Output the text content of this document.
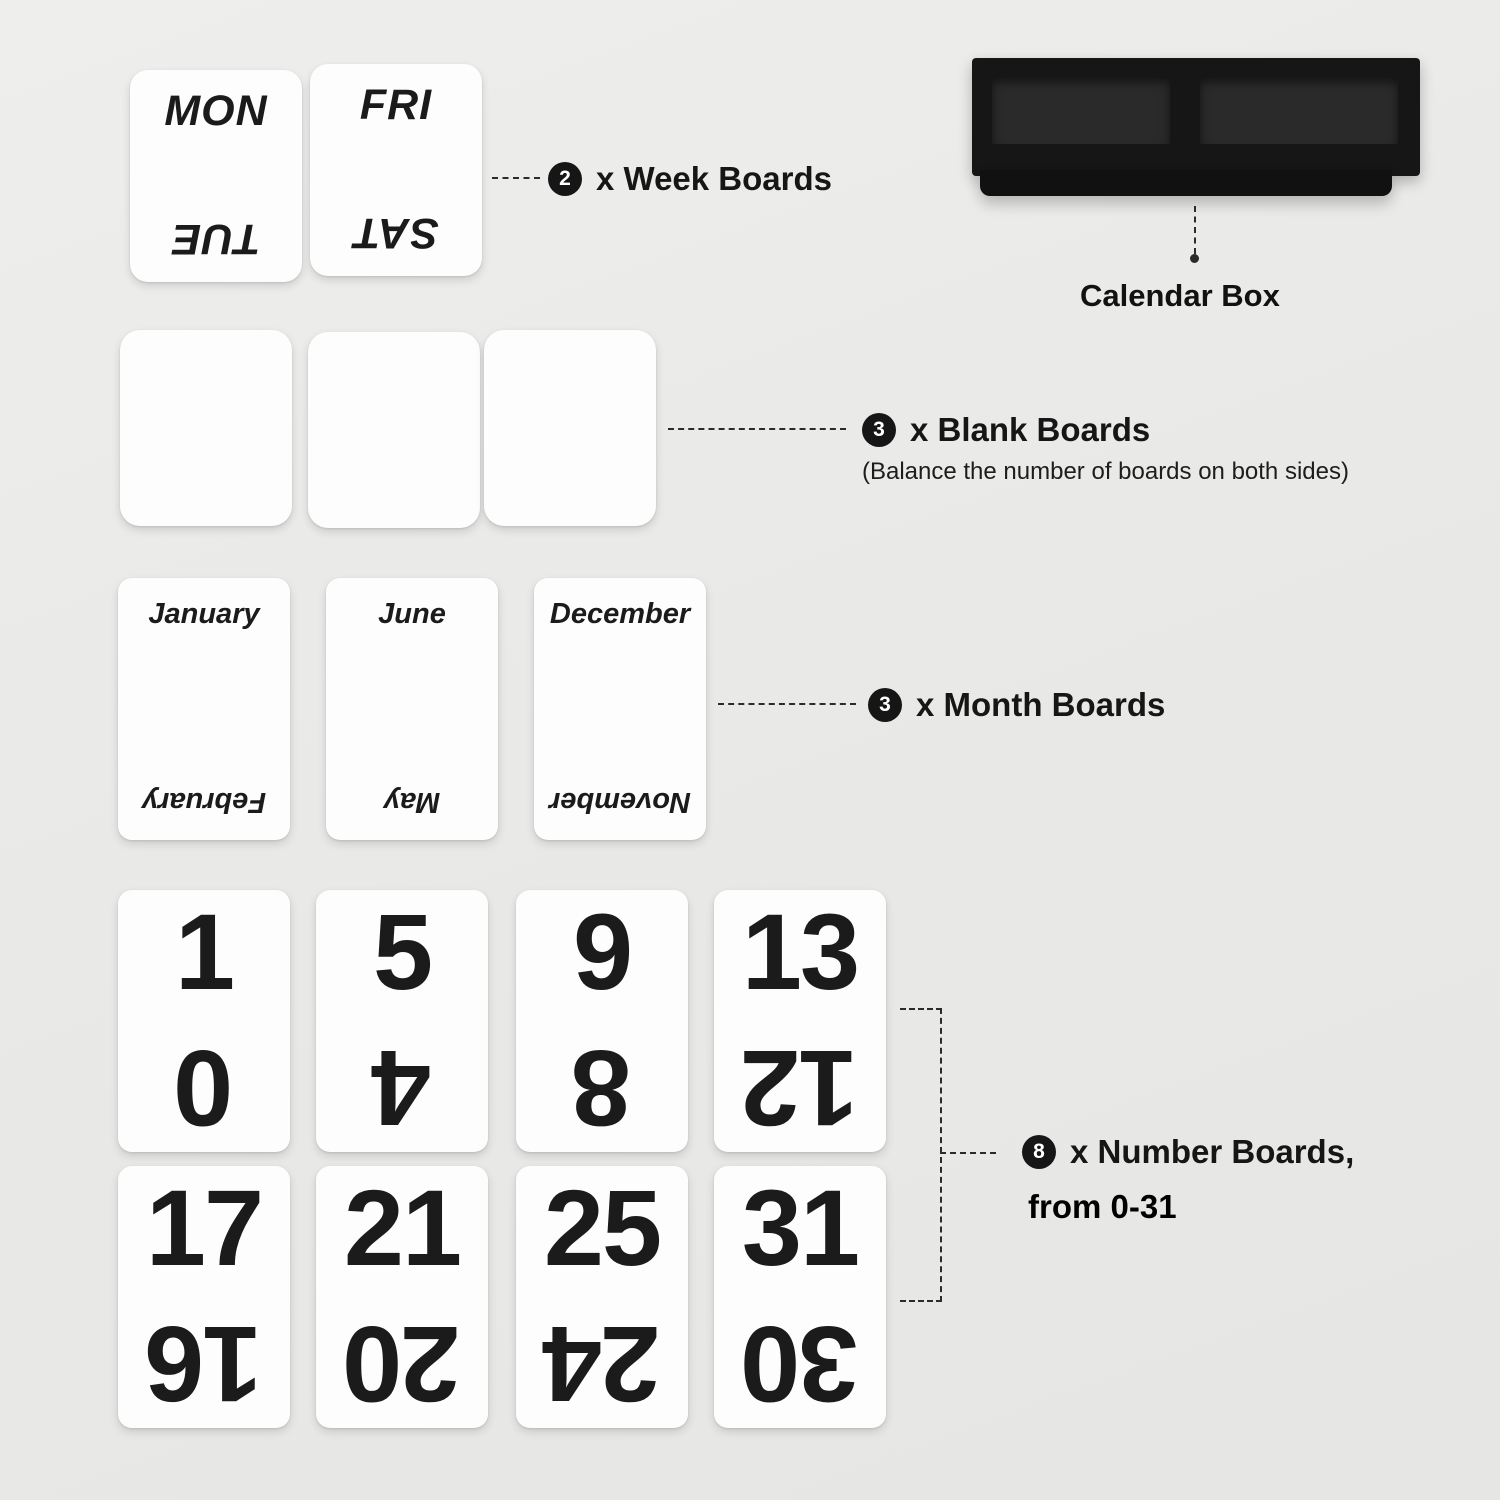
MON
TUE
FRI
SAT
2 x Week Boards
Calendar Box
3 x Blank Boards
(Balance the number of boards on both sides)
January
February
June
May
December
November
3 x Month Boards
1
0
5
4
9
8
13
12
17
16
21
20
25
24
31
30
8 x Number Boards,
from 0-31
